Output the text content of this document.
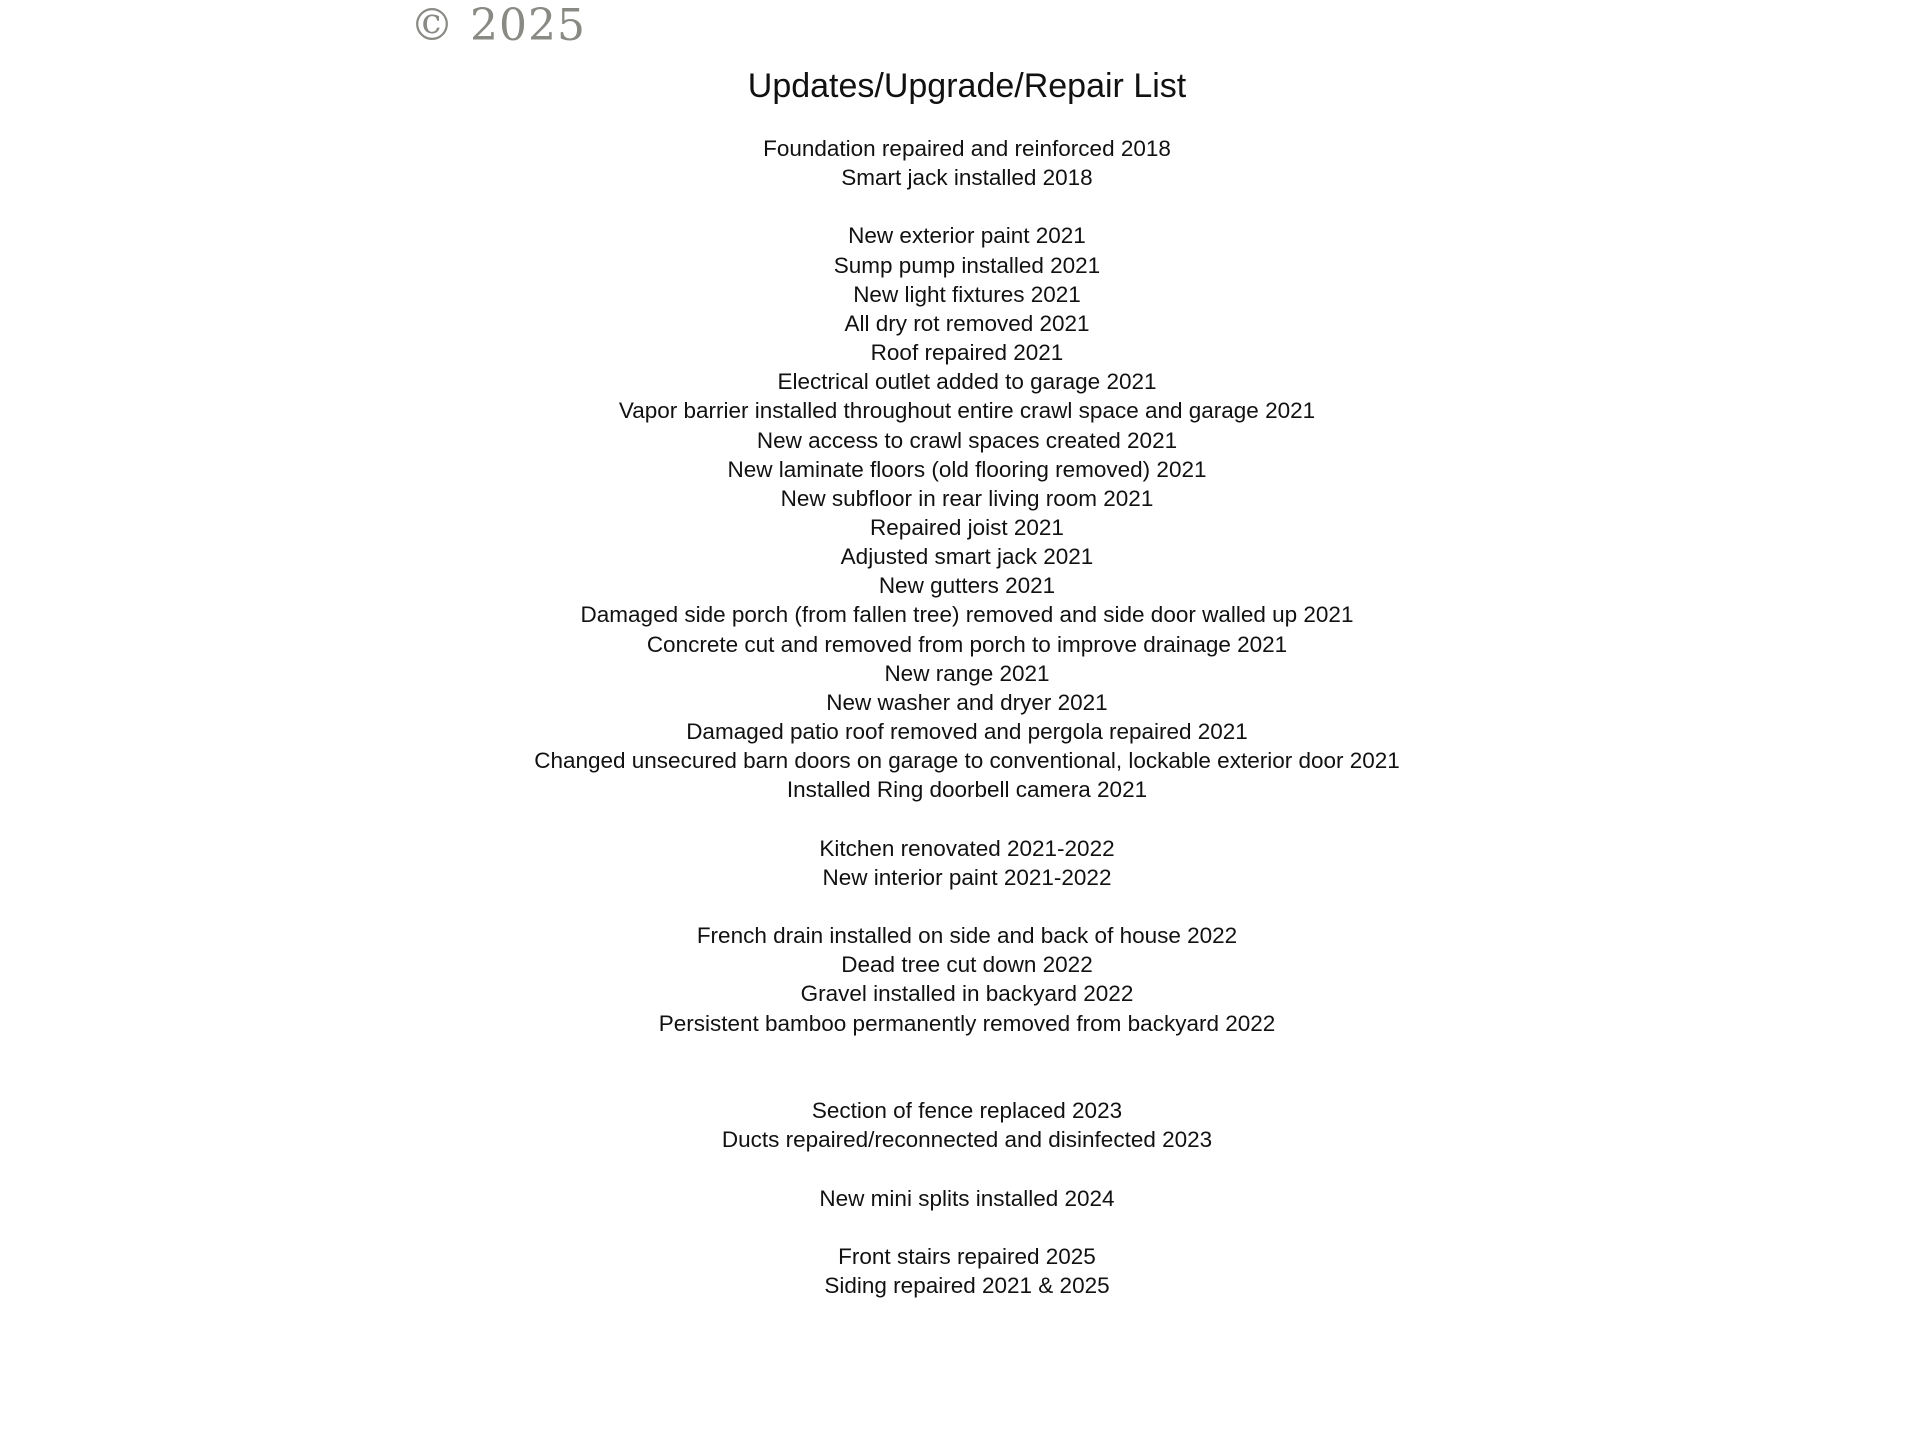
© 2025
Updates/Upgrade/Repair List
Foundation repaired and reinforced 2018
Smart jack installed 2018
New exterior paint 2021
Sump pump installed 2021
New light fixtures 2021
All dry rot removed 2021
Roof repaired 2021
Electrical outlet added to garage 2021
Vapor barrier installed throughout entire crawl space and garage 2021
New access to crawl spaces created 2021
New laminate floors (old flooring removed) 2021
New subfloor in rear living room 2021
Repaired joist 2021
Adjusted smart jack 2021
New gutters 2021
Damaged side porch (from fallen tree) removed and side door walled up 2021
Concrete cut and removed from porch to improve drainage 2021
New range 2021
New washer and dryer 2021
Damaged patio roof removed and pergola repaired 2021
Changed unsecured barn doors on garage to conventional, lockable exterior door 2021
Installed Ring doorbell camera 2021
Kitchen renovated 2021-2022
New interior paint 2021-2022
French drain installed on side and back of house 2022
Dead tree cut down 2022
Gravel installed in backyard 2022
Persistent bamboo permanently removed from backyard 2022
Section of fence replaced 2023
Ducts repaired/reconnected and disinfected 2023
New mini splits installed 2024
Front stairs repaired 2025
Siding repaired 2021 & 2025
